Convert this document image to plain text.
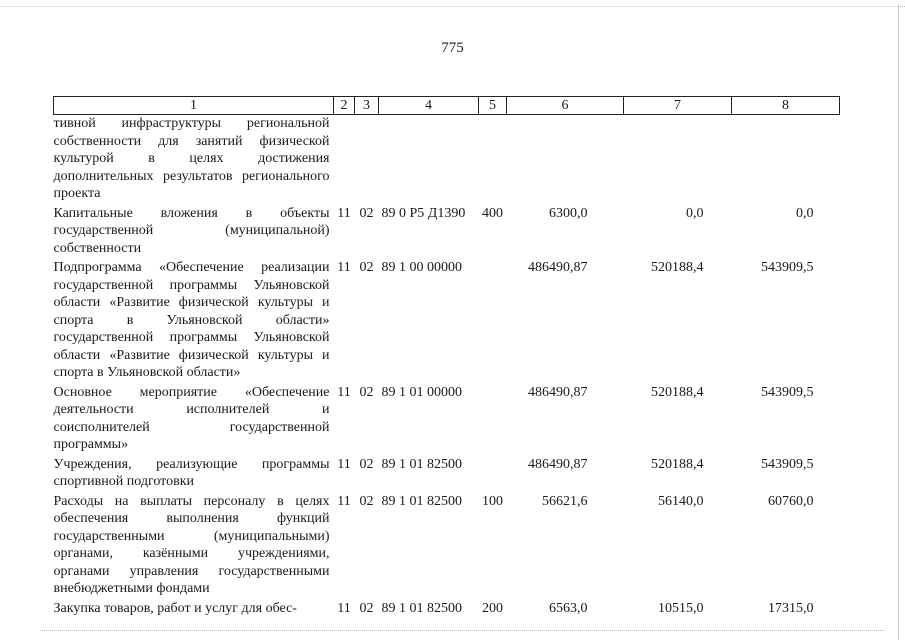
775
1	2	3	4	5	6	7	8
тивной инфраструктуры региональной собственности для занятий физической культурой в целях достижения дополнительных результатов регионального проекта							
Капитальные вложения в объекты государственной (муниципальной) собственности	11	02	89 0 P5 Д1390	400	6300,0	0,0	0,0
Подпрограмма «Обеспечение реализации государственной программы Ульяновской области «Развитие физической культуры и спорта в Ульяновской области» государственной программы Ульяновской области «Развитие физической культуры и спорта в Ульяновской области»	11	02	89 1 00 00000		486490,87	520188,4	543909,5
Основное мероприятие «Обеспечение деятельности исполнителей и соисполнителей государственной программы»	11	02	89 1 01 00000		486490,87	520188,4	543909,5
Учреждения, реализующие программы спортивной подготовки	11	02	89 1 01 82500		486490,87	520188,4	543909,5
Расходы на выплаты персоналу в целях обеспечения выполнения функций государственными (муниципальными) органами, казёнными учреждениями, органами управления государственными внебюджетными фондами	11	02	89 1 01 82500	100	56621,6	56140,0	60760,0
Закупка товаров, работ и услуг для обес-	11	02	89 1 01 82500	200	6563,0	10515,0	17315,0
